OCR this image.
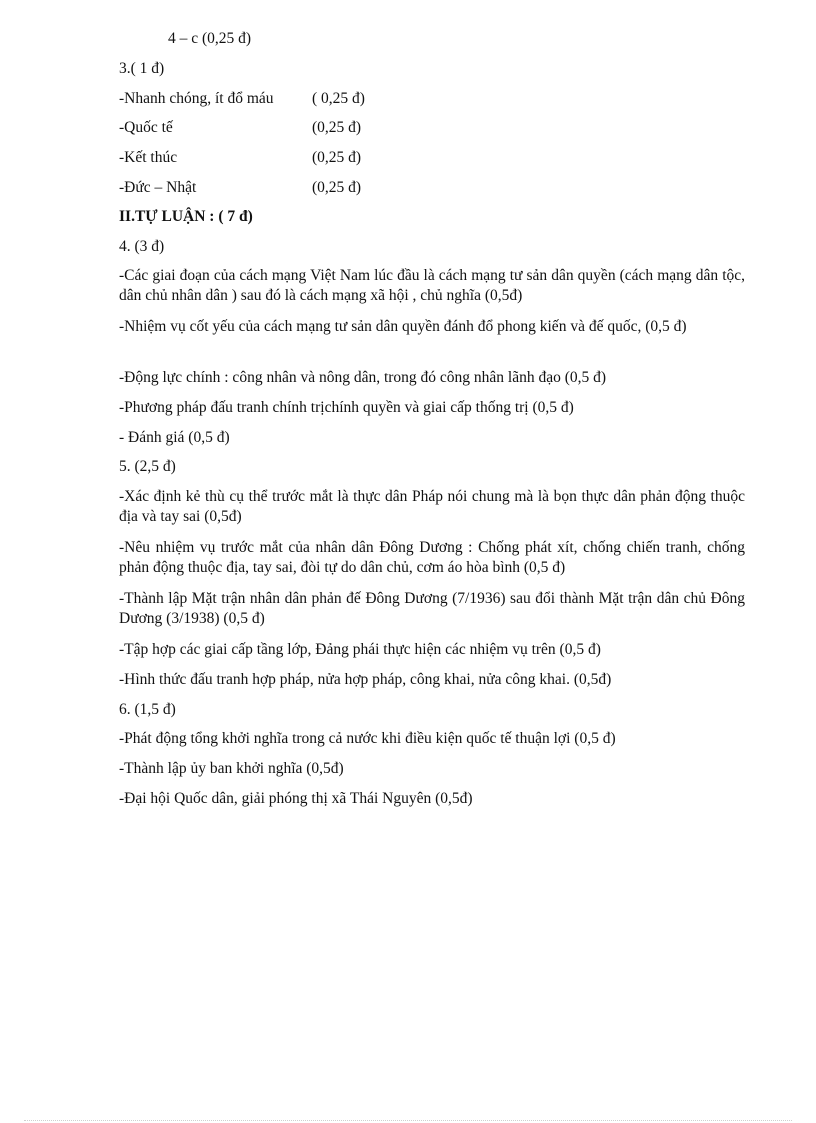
4 – c (0,25 đ)
3.( 1 đ)
-Nhanh chóng, ít đổ máu ( 0,25 đ)
-Quốc tế	(0,25 đ)
-Kết thúc	(0,25 đ)
-Đức – Nhật	(0,25 đ)
II.TỰ LUẬN : ( 7 đ)
4. (3 đ)
-Các giai đoạn của cách mạng Việt Nam lúc đầu là cách mạng tư sản dân quyền (cách mạng dân tộc, dân chủ nhân dân ) sau đó là cách mạng xã hội , chủ nghĩa (0,5đ)
-Nhiệm vụ cốt yếu của cách mạng tư sản dân quyền đánh đổ phong kiến và đế quốc, (0,5 đ)
-Động lực chính : công nhân và nông dân, trong đó công nhân lãnh đạo (0,5 đ)
-Phương pháp đấu tranh chính trịchính quyền và giai cấp thống trị (0,5 đ)
- Đánh giá (0,5 đ)
5. (2,5 đ)
-Xác định kẻ thù cụ thể trước mắt là thực dân Pháp nói chung mà là bọn thực dân phản động thuộc địa và tay sai (0,5đ)
-Nêu nhiệm vụ trước mắt của nhân dân Đông Dương : Chống phát xít, chống chiến tranh, chống phản động thuộc địa, tay sai, đòi tự do dân chủ, cơm áo hòa bình (0,5 đ)
-Thành lập Mặt trận nhân dân phản đế Đông Dương (7/1936) sau đổi thành Mặt trận dân chủ Đông Dương (3/1938) (0,5 đ)
-Tập hợp các giai cấp tầng lớp, Đảng phái thực hiện các nhiệm vụ trên (0,5 đ)
-Hình thức đấu tranh hợp pháp, nửa hợp pháp, công khai, nửa công khai. (0,5đ)
6. (1,5 đ)
-Phát động tổng khởi nghĩa trong cả nước khi điều kiện quốc tế thuận lợi (0,5 đ)
-Thành lập ủy ban khởi nghĩa (0,5đ)
-Đại hội Quốc dân, giải phóng thị xã Thái Nguyên (0,5đ)
